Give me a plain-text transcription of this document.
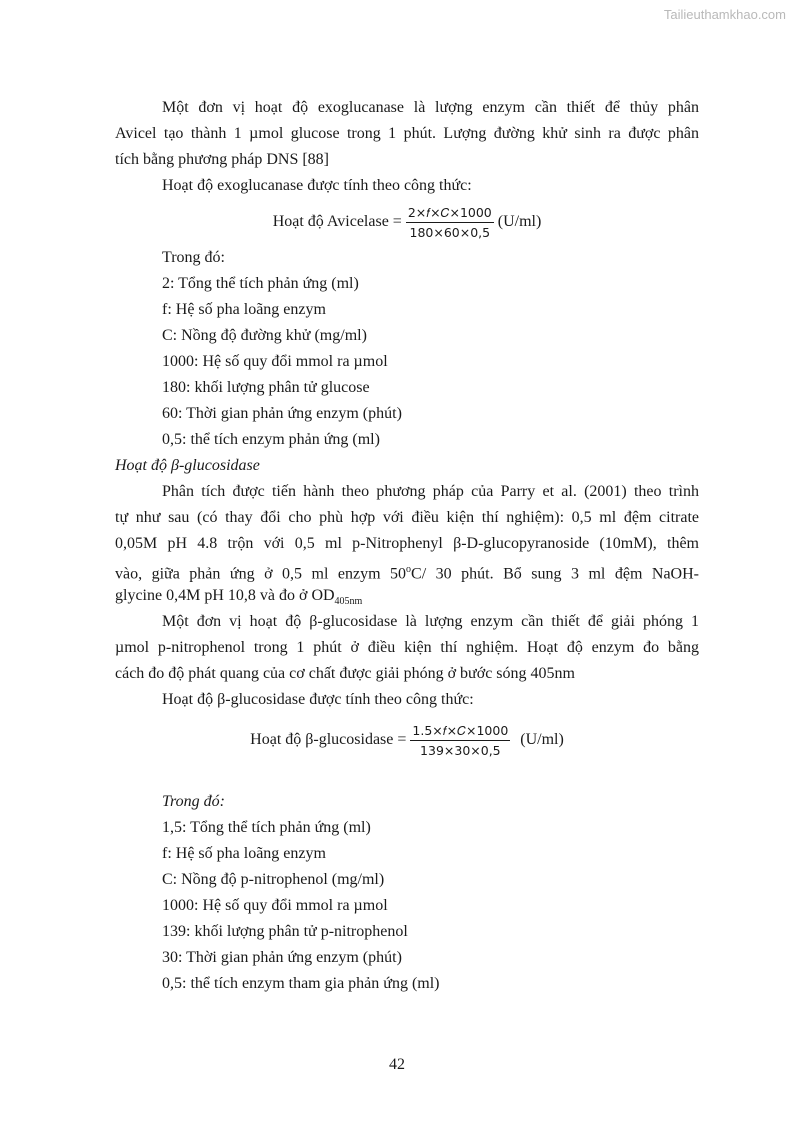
Tailieuthamkhao.com
Một đơn vị hoạt độ exoglucanase là lượng enzym cần thiết để thủy phân
Avicel tạo thành 1 µmol glucose trong 1 phút. Lượng đường khử sinh ra được phân
tích bằng phương pháp DNS [88]
Hoạt độ exoglucanase được tính theo công thức:
Hoạt độ Avicelase = $\frac{\text{2×𝑓×𝐶×1000}}{180\times 60\times 0,5} (U/ml)$
Trong đó:
2: Tổng thể tích phản ứng (ml)
f: Hệ số pha loãng enzym
C: Nồng độ đường khử (mg/ml)
1000: Hệ số quy đổi mmol ra µmol
180: khối lượng phân tử glucose
60: Thời gian phản ứng enzym (phút)
0,5: thể tích enzym phản ứng (ml)
Hoạt độ β-glucosidase
Phân tích được tiến hành theo phương pháp của Parry et al. (2001) theo trình
tự như sau (có thay đổi cho phù hợp với điều kiện thí nghiệm): 0,5 ml đệm citrate
0,05M pH 4.8 trộn với 0,5 ml p-Nitrophenyl β-D-glucopyranoside (10mM), thêm
vào, giữa phản ứng ở 0,5 ml enzym 50$^o$C/ 30 phút. Bổ sung 3 ml đệm NaOH-
glycine 0,4M pH 10,8 và đo ở $OD_{405nm}$
Một đơn vị hoạt độ β-glucosidase là lượng enzym cần thiết để giải phóng 1
µmol p-nitrophenol trong 1 phút ở điều kiện thí nghiệm. Hoạt độ enzym đo bằng
cách đo độ phát quang của cơ chất được giải phóng ở bước sóng 405nm
Hoạt độ β-glucosidase được tính theo công thức:
Hoạt độ β-glucosidase = $\frac{\text{1.5×𝑓×𝐶×1000}}{139\times 30\times 0,5} (U/ml)$
Trong đó:
1,5: Tổng thể tích phản ứng (ml)
f: Hệ số pha loãng enzym
C: Nồng độ p-nitrophenol (mg/ml)
1000: Hệ số quy đổi mmol ra µmol
139: khối lượng phân tử p-nitrophenol
30: Thời gian phản ứng enzym (phút)
0,5: thể tích enzym tham gia phản ứng (ml)
42
